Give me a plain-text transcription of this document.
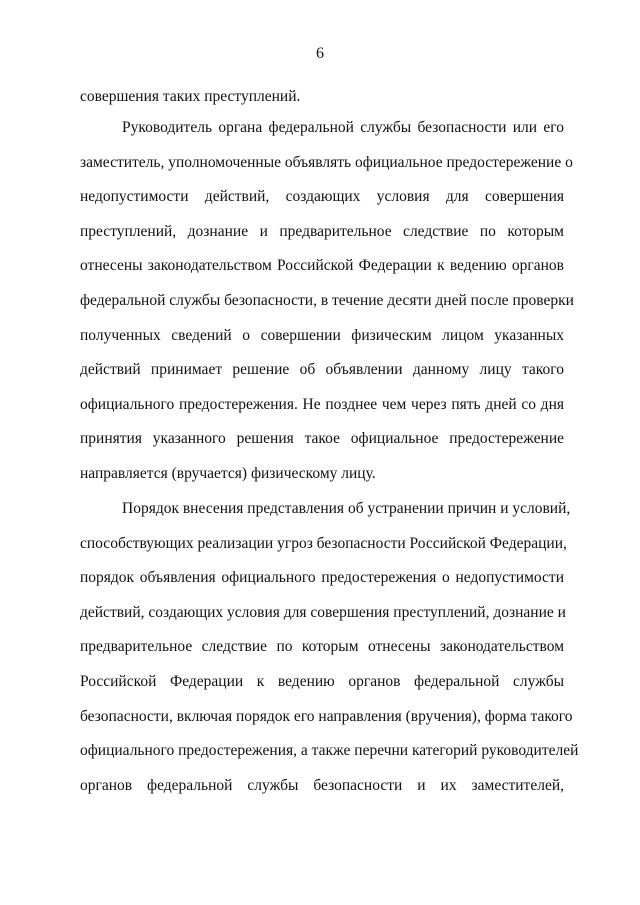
6
совершения таких преступлений.
Руководитель органа федеральной службы безопасности или его
заместитель, уполномоченные объявлять официальное предостережение о
недопустимости действий, создающих условия для совершения
преступлений, дознание и предварительное следствие по которым
отнесены законодательством Российской Федерации к ведению органов
федеральной службы безопасности, в течение десяти дней после проверки
полученных сведений о совершении физическим лицом указанных
действий принимает решение об объявлении данному лицу такого
официального предостережения. Не позднее чем через пять дней со дня
принятия указанного решения такое официальное предостережение
направляется (вручается) физическому лицу.
Порядок внесения представления об устранении причин и условий,
способствующих реализации угроз безопасности Российской Федерации,
порядок объявления официального предостережения о недопустимости
действий, создающих условия для совершения преступлений, дознание и
предварительное следствие по которым отнесены законодательством
Российской Федерации к ведению органов федеральной службы
безопасности, включая порядок его направления (вручения), форма такого
официального предостережения, а также перечни категорий руководителей
органов федеральной службы безопасности и их заместителей,
